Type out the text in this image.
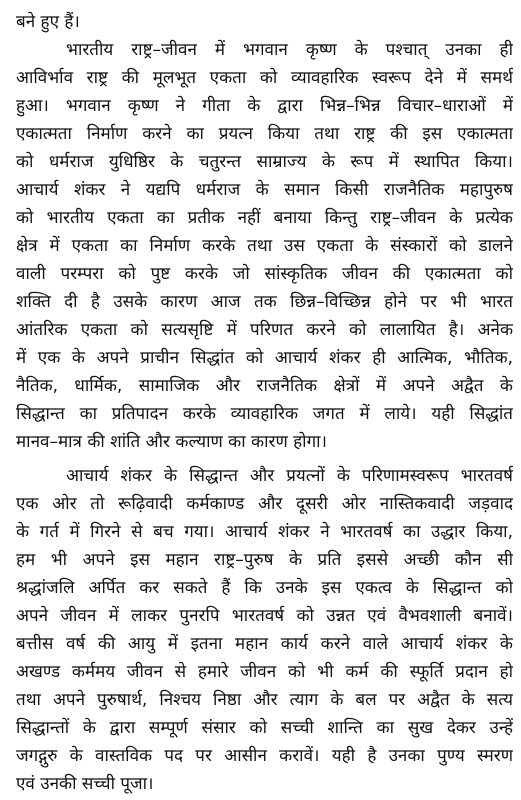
बने हुए हैं।
भारतीय राष्ट्र–जीवन में भगवान कृष्ण के पश्चात् उनका ही
आविर्भाव राष्ट्र की मूलभूत एकता को व्यावहारिक स्वरूप देने में समर्थ
हुआ। भगवान कृष्ण ने गीता के द्वारा भिन्न–भिन्न विचार–धाराओं में
एकात्मता निर्माण करने का प्रयत्न किया तथा राष्ट्र की इस एकात्मता
को धर्मराज युधिष्ठिर के चतुरन्त साम्राज्य के रूप में स्थापित किया।
आचार्य शंकर ने यद्यपि धर्मराज के समान किसी राजनैतिक महापुरुष
को भारतीय एकता का प्रतीक नहीं बनाया किन्तु राष्ट्र–जीवन के प्रत्येक
क्षेत्र में एकता का निर्माण करके तथा उस एकता के संस्कारों को डालने
वाली परम्परा को पुष्ट करके जो सांस्कृतिक जीवन की एकात्मता को
शक्ति दी है उसके कारण आज तक छिन्न–विच्छिन्न होने पर भी भारत
आंतरिक एकता को सत्यसृष्टि में परिणत करने को लालायित है। अनेक
में एक के अपने प्राचीन सिद्धांत को आचार्य शंकर ही आत्मिक, भौतिक,
नैतिक, धार्मिक, सामाजिक और राजनैतिक क्षेत्रों में अपने अद्वैत के
सिद्धान्त का प्रतिपादन करके व्यावहारिक जगत में लाये। यही सिद्धांत
मानव–मात्र की शांति और कल्याण का कारण होगा।
आचार्य शंकर के सिद्धान्त और प्रयत्नों के परिणामस्वरूप भारतवर्ष
एक ओर तो रूढ़िवादी कर्मकाण्ड और दूसरी ओर नास्तिकवादी जड़वाद
के गर्त में गिरने से बच गया। आचार्य शंकर ने भारतवर्ष का उद्धार किया,
हम भी अपने इस महान राष्ट्र–पुरुष के प्रति इससे अच्छी कौन सी
श्रद्धांजलि अर्पित कर सकते हैं कि उनके इस एकत्व के सिद्धान्त को
अपने जीवन में लाकर पुनरपि भारतवर्ष को उन्नत एवं वैभवशाली बनावें।
बत्तीस वर्ष की आयु में इतना महान कार्य करने वाले आचार्य शंकर के
अखण्ड कर्ममय जीवन से हमारे जीवन को भी कर्म की स्फूर्ति प्रदान हो
तथा अपने पुरुषार्थ, निश्चय निष्ठा और त्याग के बल पर अद्वैत के सत्य
सिद्धान्तों के द्वारा सम्पूर्ण संसार को सच्ची शान्ति का सुख देकर उन्हें
जगद्गुरु के वास्तविक पद पर आसीन करावें। यही है उनका पुण्य स्मरण
एवं उनकी सच्ची पूजा।
